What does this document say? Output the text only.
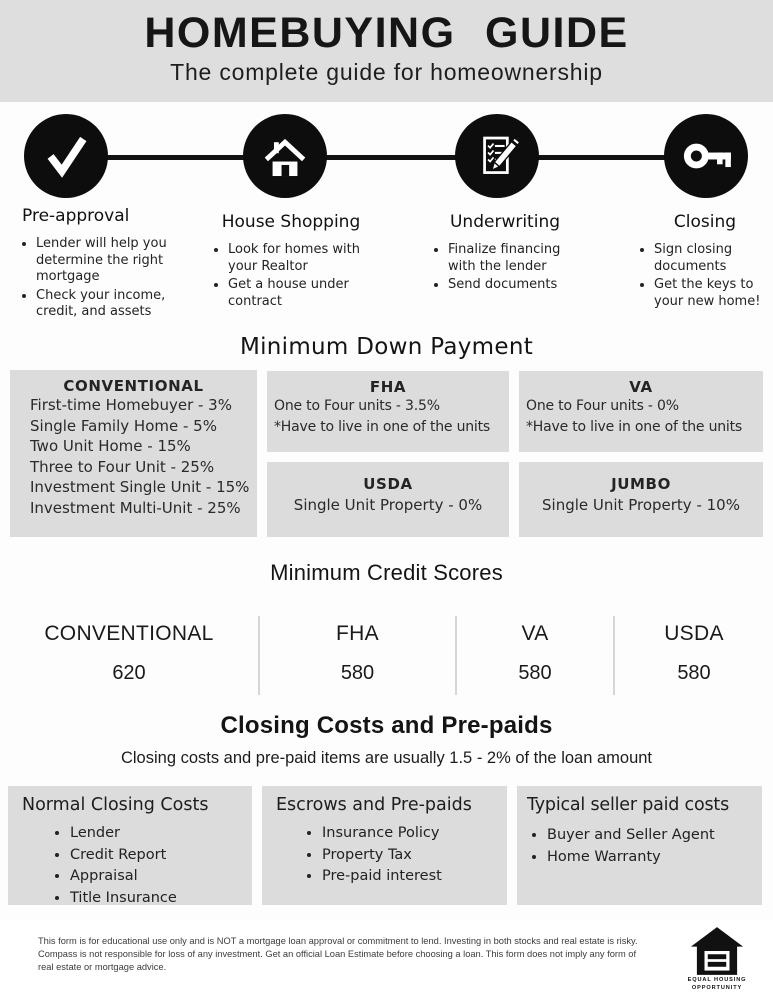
HOMEBUYING GUIDE

The complete guide for homeownership

Pre-approval
• Lender will help you determine the right mortgage
• Check your income, credit, and assets
House Shopping
• Look for homes with your Realtor
• Get a house under contract
Underwriting
• Finalize financing with the lender
• Send documents
Closing
• Sign closing documents
• Get the keys to your new home!
Minimum Down Payment
CONVENTIONAL
First-time Homebuyer - 3%
Single Family Home - 5%
Two Unit Home - 15%
Three to Four Unit - 25%
Investment Single Unit - 15%
Investment Multi-Unit - 25%
FHA
One to Four units - 3.5%
*Have to live in one of the units
VA
One to Four units - 0%
*Have to live in one of the units
USDA
Single Unit Property - 0%
JUMBO
Single Unit Property - 10%
Minimum Credit Scores
CONVENTIONAL
620
FHA
580
VA
580
USDA
580
Closing Costs and Pre-paids

Closing costs and pre-paid items are usually 1.5 - 2% of the loan amount

Normal Closing Costs
• Lender
• Credit Report
• Appraisal
• Title Insurance
Escrows and Pre-paids
• Insurance Policy
• Property Tax
• Pre-paid interest
Typical seller paid costs
• Buyer and Seller Agent
• Home Warranty

This form is for educational use only and is NOT a mortgage loan approval or commitment to lend. Investing in both stocks and real estate is risky. Compass is not responsible for loss of any investment. Get an official Loan Estimate before choosing a loan. This form does not imply any form of real estate or mortgage advice.

EQUAL HOUSING
OPPORTUNITY
